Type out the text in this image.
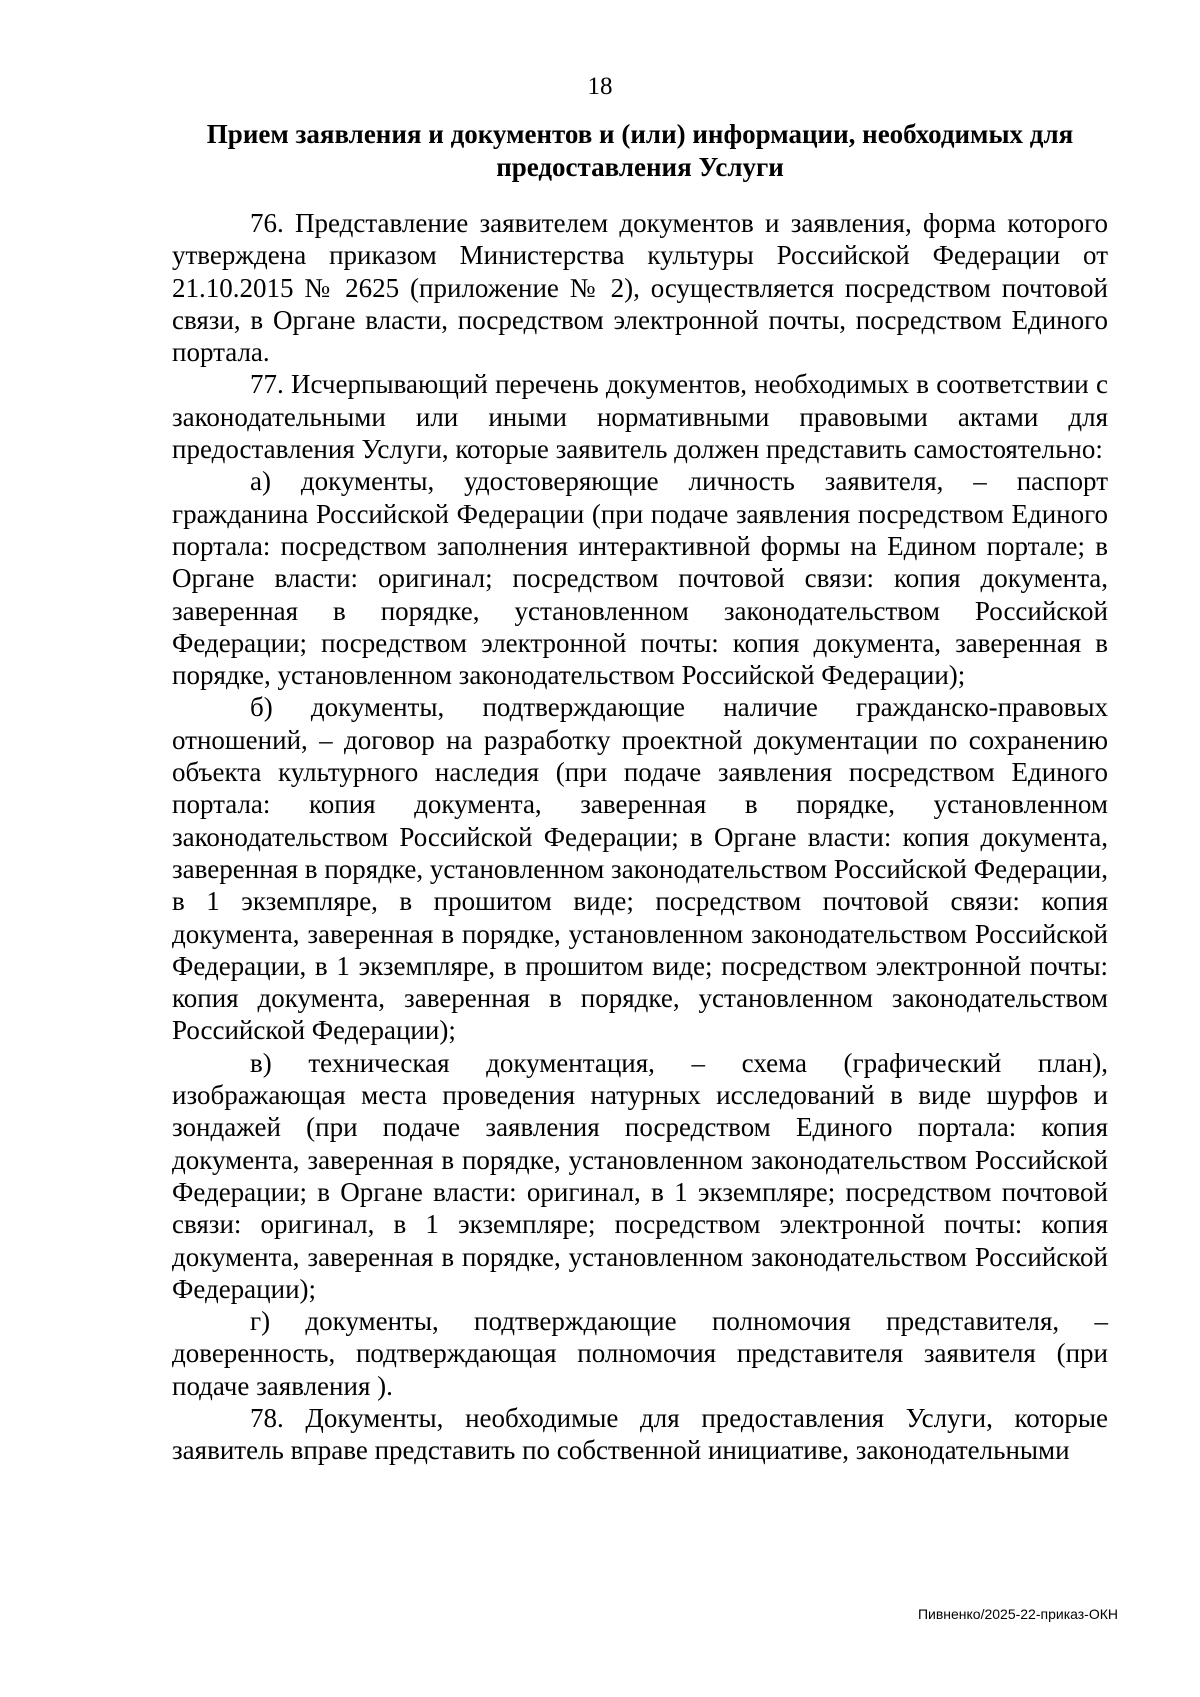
18
Прием заявления и документов и (или) информации, необходимых для
предоставления Услуги

76. Представление заявителем документов и заявления, форма которого утверждена приказом Министерства культуры Российской Федерации от 21.10.2015 № 2625 (приложение № 2), осуществляется посредством почтовой связи, в Органе власти, посредством электронной почты, посредством Единого портала.

77. Исчерпывающий перечень документов, необходимых в соответствии с законодательными или иными нормативными правовыми актами для предоставления Услуги, которые заявитель должен представить самостоятельно:

а) документы, удостоверяющие личность заявителя, – паспорт гражданина Российской Федерации (при подаче заявления посредством Единого портала: посредством заполнения интерактивной формы на Едином портале; в Органе власти: оригинал; посредством почтовой связи: копия документа, заверенная в порядке, установленном законодательством Российской Федерации; посредством электронной почты: копия документа, заверенная в порядке, установленном законодательством Российской Федерации);

б) документы, подтверждающие наличие гражданско-правовых отношений, – договор на разработку проектной документации по сохранению объекта культурного наследия (при подаче заявления посредством Единого портала: копия документа, заверенная в порядке, установленном законодательством Российской Федерации; в Органе власти: копия документа, заверенная в порядке, установленном законодательством Российской Федерации, в 1 экземпляре, в прошитом виде; посредством почтовой связи: копия документа, заверенная в порядке, установленном законодательством Российской Федерации, в 1 экземпляре, в прошитом виде; посредством электронной почты: копия документа, заверенная в порядке, установленном законодательством Российской Федерации);

в) техническая документация, – схема (графический план), изображающая места проведения натурных исследований в виде шурфов и зондажей (при подаче заявления посредством Единого портала: копия документа, заверенная в порядке, установленном законодательством Российской Федерации; в Органе власти: оригинал, в 1 экземпляре; посредством почтовой связи: оригинал, в 1 экземпляре; посредством электронной почты: копия документа, заверенная в порядке, установленном законодательством Российской Федерации);

г) документы, подтверждающие полномочия представителя, – доверенность, подтверждающая полномочия представителя заявителя (при подаче заявления ).

78. Документы, необходимые для предоставления Услуги, которые заявитель вправе представить по собственной инициативе, законодательными

Пивненко/2025-22-приказ-ОКН
